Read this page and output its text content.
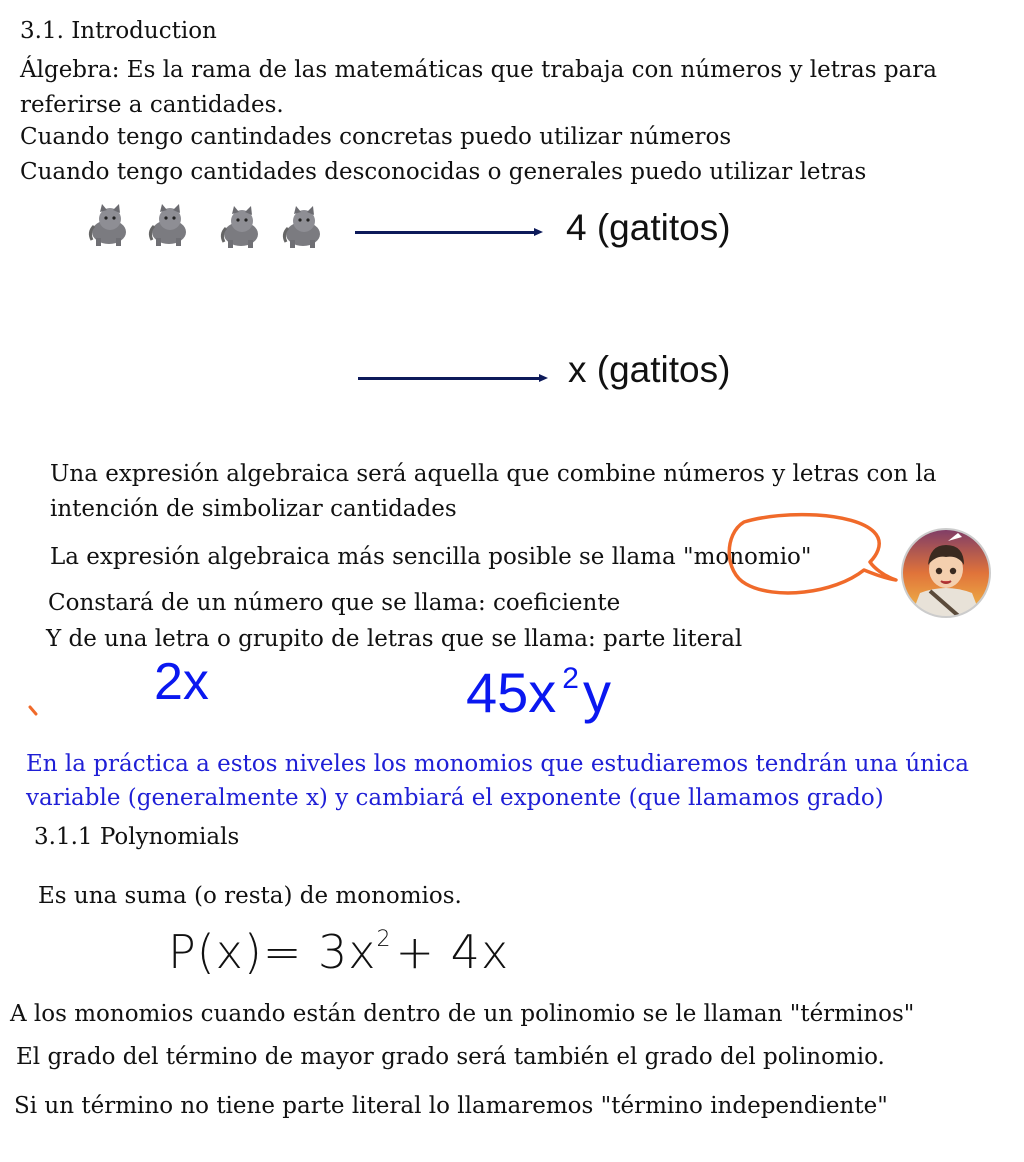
3.1. Introduction
Álgebra: Es la rama de las matemáticas que trabaja con números y letras para referirse a cantidades.
Cuando tengo cantindades concretas puedo utilizar números
Cuando tengo cantidades desconocidas o generales puedo utilizar letras
4 (gatitos)
x (gatitos)
Una expresión algebraica será aquella que combine números y letras con la intención de simbolizar cantidades
La expresión algebraica más sencilla posible se llama "monomio"
Constará de un número que se llama: coeficiente
Y de una letra o grupito de letras que se llama: parte literal
2x	45x $^2$y
En la práctica a estos niveles los monomios que estudiaremos tendrán una única variable (generalmente x) y cambiará el exponente (que llamamos grado)
3.1.1 Polynomials
Es una suma (o resta) de monomios.
$P(x)= 3x^2+ 4x$
A los monomios cuando están dentro de un polinomio se le llaman "términos"
El grado del término de mayor grado será también el grado del polinomio.
Si un término no tiene parte literal lo llamaremos "término independiente"
